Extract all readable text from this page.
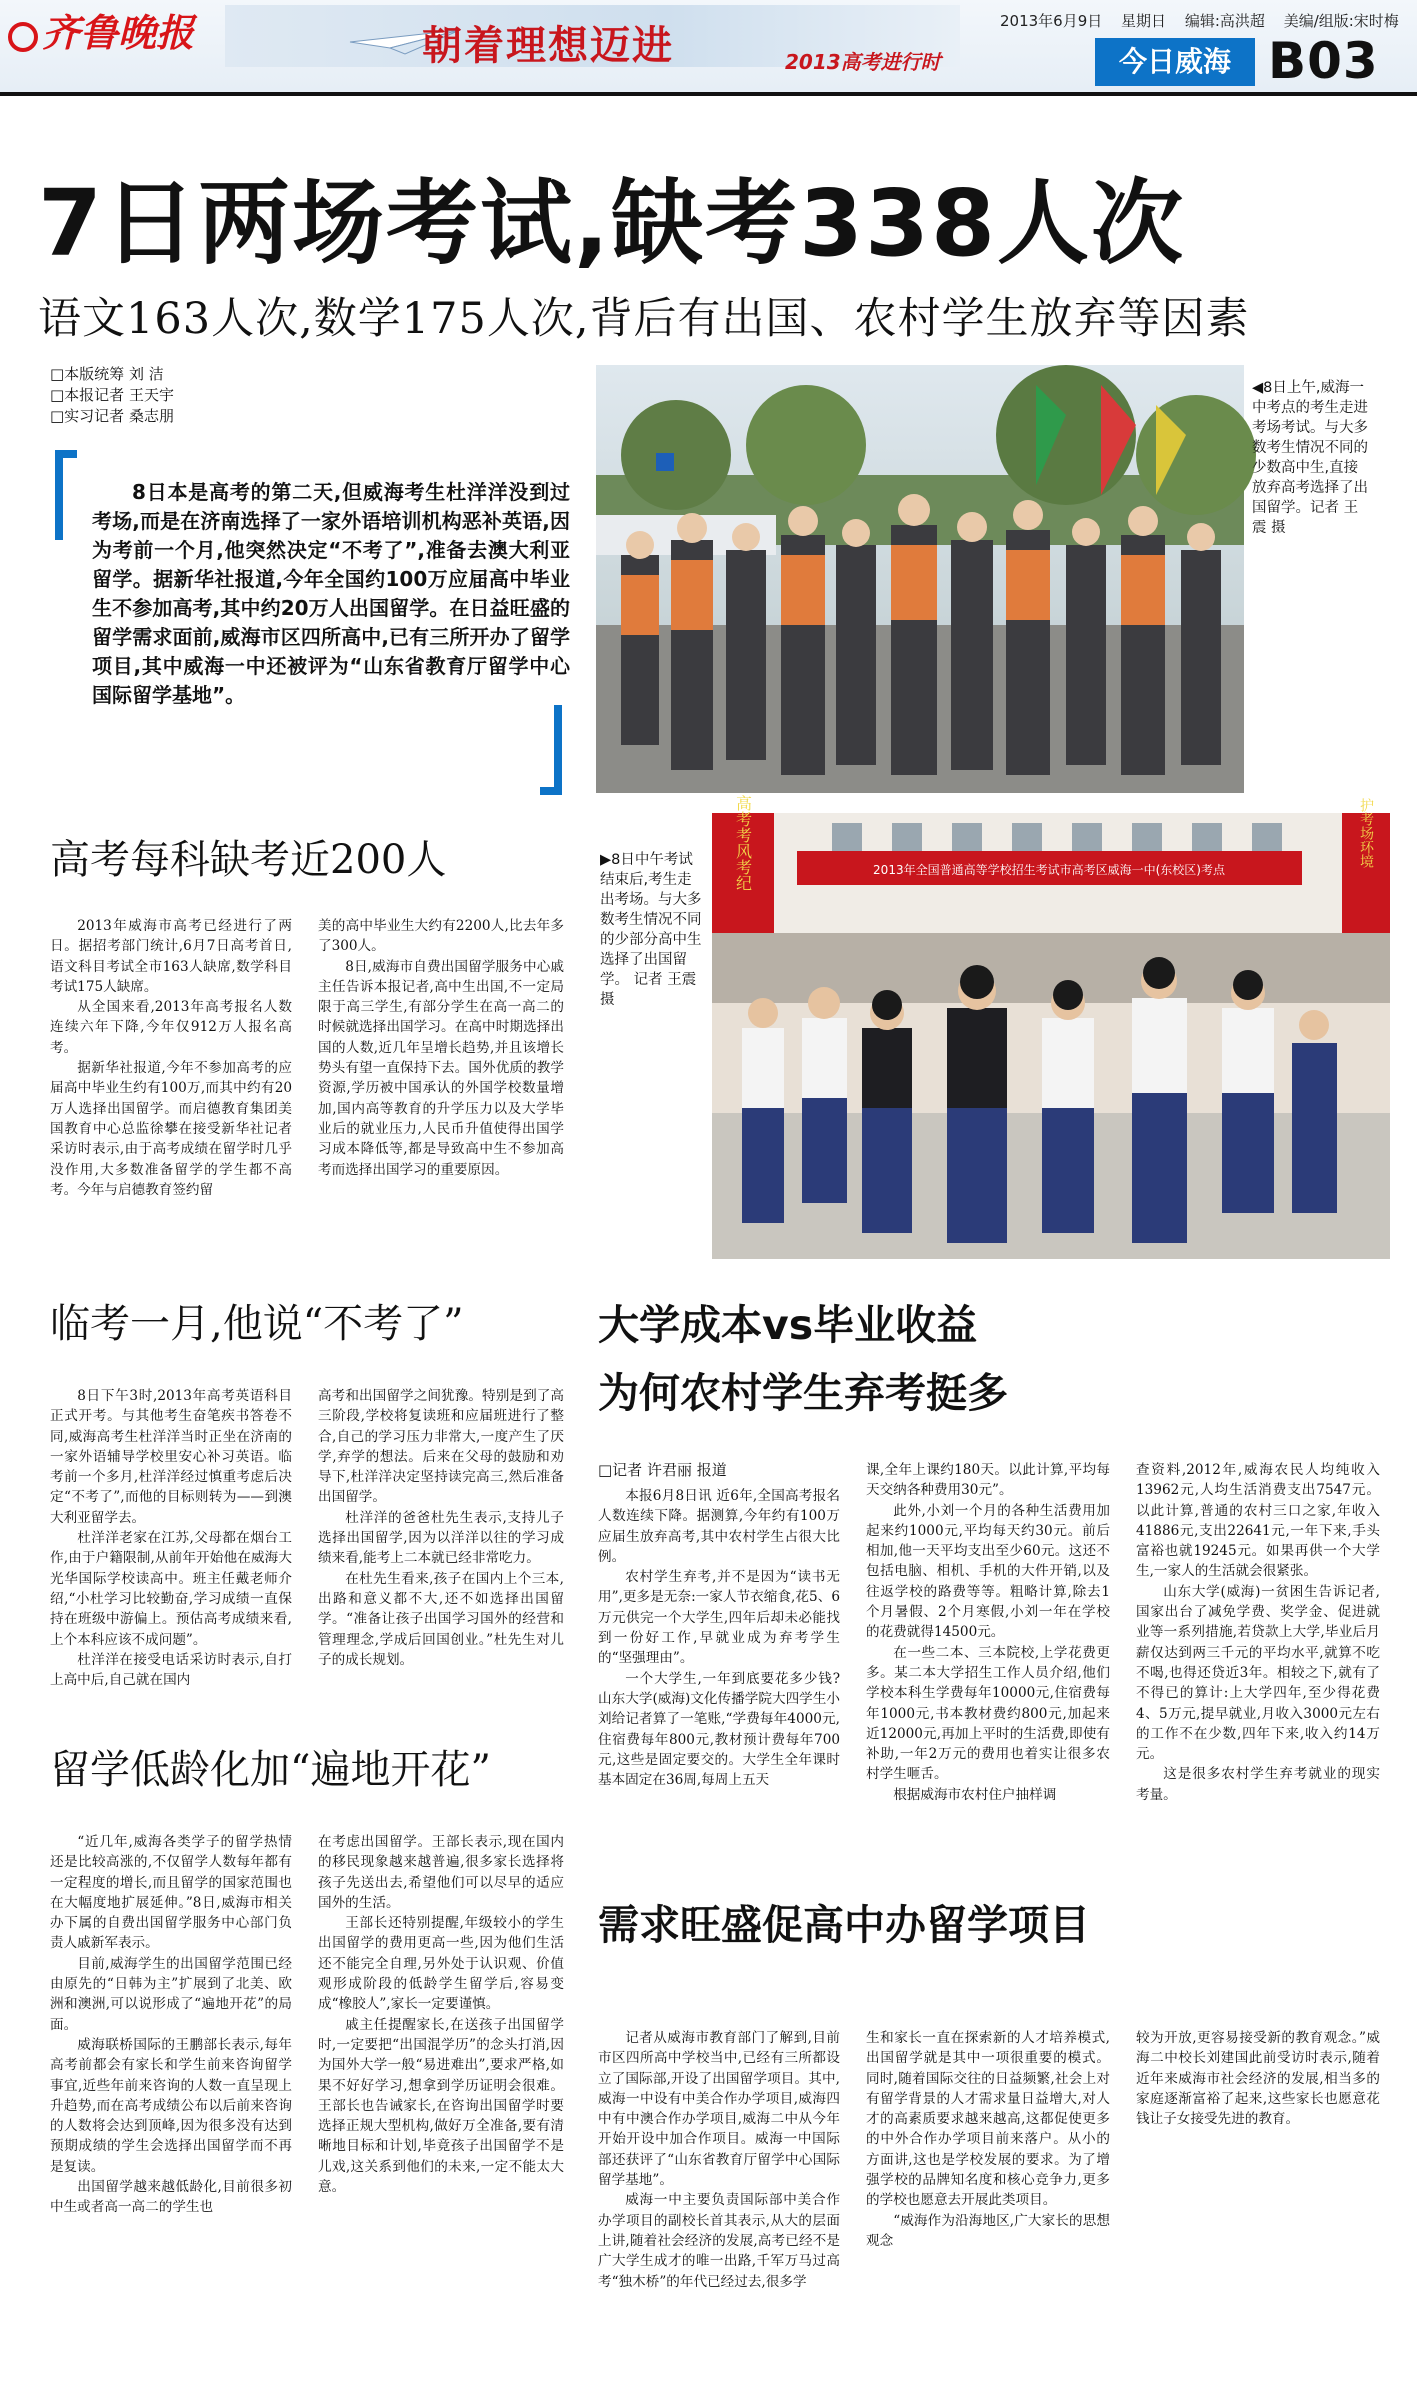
齐鲁晚报	朝着理想迈进	2013高考进行时
2013年6月9日 星期日 编辑:高洪超 美编/组版:宋时梅
今日威海 B03
7日两场考试,缺考338人次
语文163人次,数学175人次,背后有出国、农村学生放弃等因素
□本版统筹 刘 洁
□本报记者 王天宇
□实习记者 桑志朋
8日本是高考的第二天,但威海考生杜洋洋没到过考场,而是在济南选择了一家外语培训机构恶补英语,因为考前一个月,他突然决定“不考了”,准备去澳大利亚留学。据新华社报道,今年全国约100万应届高中毕业生不参加高考,其中约20万人出国留学。在日益旺盛的留学需求面前,威海市区四所高中,已有三所开办了留学项目,其中威海一中还被评为“山东省教育厅留学中心国际留学基地”。
◀8日上午,威海一中考点的考生走进考场考试。与大多数考生情况不同的少数高中生,直接放弃高考选择了出国留学。记者 王震 摄
高考每科缺考近200人

2013年威海市高考已经进行了两日。据招考部门统计,6月7日高考首日,语文科目考试全市163人缺席,数学科目考试175人缺席。

从全国来看,2013年高考报名人数连续六年下降,今年仅912万人报名高考。

据新华社报道,今年不参加高考的应届高中毕业生约有100万,而其中约有20万人选择出国留学。而启德教育集团美国教育中心总监徐攀在接受新华社记者采访时表示,由于高考成绩在留学时几乎没作用,大多数准备留学的学生都不高考。今年与启德教育签约留

美的高中毕业生大约有2200人,比去年多了300人。

8日,威海市自费出国留学服务中心戚主任告诉本报记者,高中生出国,不一定局限于高三学生,有部分学生在高一高二的时候就选择出国学习。在高中时期选择出国的人数,近几年呈增长趋势,并且该增长势头有望一直保持下去。国外优质的教学资源,学历被中国承认的外国学校数量增加,国内高等教育的升学压力以及大学毕业后的就业压力,人民币升值使得出国学习成本降低等,都是导致高中生不参加高考而选择出国学习的重要原因。

▶8日中午考试结束后,考生走出考场。与大多数考生情况不同的少部分高中生选择了出国留学。 记者 王震 摄
2013年全国普通高等学校招生考试市高考区威海一中(东校区)考点
高考考风考纪	护考场环境
临考一月,他说“不考了”

8日下午3时,2013年高考英语科目正式开考。与其他考生奋笔疾书答卷不同,威海高考生杜洋洋当时正坐在济南的一家外语辅导学校里安心补习英语。临考前一个多月,杜洋洋经过慎重考虑后决定“不考了”,而他的目标则转为——到澳大利亚留学去。

杜洋洋老家在江苏,父母都在烟台工作,由于户籍限制,从前年开始他在威海大光华国际学校读高中。班主任戴老师介绍,“小杜学习比较勤奋,学习成绩一直保持在班级中游偏上。预估高考成绩来看,上个本科应该不成问题”。

杜洋洋在接受电话采访时表示,自打上高中后,自己就在国内

高考和出国留学之间犹豫。特别是到了高三阶段,学校将复读班和应届班进行了整合,自己的学习压力非常大,一度产生了厌学,弃学的想法。后来在父母的鼓励和劝导下,杜洋洋决定坚持读完高三,然后准备出国留学。

杜洋洋的爸爸杜先生表示,支持儿子选择出国留学,因为以洋洋以往的学习成绩来看,能考上二本就已经非常吃力。

在杜先生看来,孩子在国内上个三本,出路和意义都不大,还不如选择出国留学。“准备让孩子出国学习国外的经营和管理理念,学成后回国创业。”杜先生对儿子的成长规划。

大学成本vs毕业收益
为何农村学生弃考挺多
□记者 许君丽 报道

本报6月8日讯 近6年,全国高考报名人数连续下降。据测算,今年约有100万应届生放弃高考,其中农村学生占很大比例。

农村学生弃考,并不是因为“读书无用”,更多是无奈:一家人节衣缩食,花5、6万元供完一个大学生,四年后却未必能找到一份好工作,早就业成为弃考学生的“坚强理由”。

一个大学生,一年到底要花多少钱?山东大学(威海)文化传播学院大四学生小刘给记者算了一笔账,“学费每年4000元,住宿费每年800元,教材预计费每年700元,这些是固定要交的。大学生全年课时基本固定在36周,每周上五天

课,全年上课约180天。以此计算,平均每天交纳各种费用30元”。

此外,小刘一个月的各种生活费用加起来约1000元,平均每天约30元。前后相加,他一天平均支出至少60元。这还不包括电脑、相机、手机的大件开销,以及往返学校的路费等等。粗略计算,除去1个月暑假、2个月寒假,小刘一年在学校的花费就得14500元。

在一些二本、三本院校,上学花费更多。某二本大学招生工作人员介绍,他们学校本科生学费每年10000元,住宿费每年1000元,书本教材费约800元,加起来近12000元,再加上平时的生活费,即使有补助,一年2万元的费用也着实让很多农村学生咂舌。

根据威海市农村住户抽样调

查资料,2012年,威海农民人均纯收入13962元,人均生活消费支出7547元。以此计算,普通的农村三口之家,年收入41886元,支出22641元,一年下来,手头富裕也就19245元。如果再供一个大学生,一家人的生活就会很紧张。

山东大学(威海)一贫困生告诉记者,国家出台了减免学费、奖学金、促进就业等一系列措施,若贷款上大学,毕业后月薪仅达到两三千元的平均水平,就算不吃不喝,也得还贷近3年。相较之下,就有了不得已的算计:上大学四年,至少得花费4、5万元,提早就业,月收入3000元左右的工作不在少数,四年下来,收入约14万元。

这是很多农村学生弃考就业的现实考量。

留学低龄化加“遍地开花”

“近几年,威海各类学子的留学热情还是比较高涨的,不仅留学人数每年都有一定程度的增长,而且留学的国家范围也在大幅度地扩展延伸。”8日,威海市相关办下属的自费出国留学服务中心部门负责人戚新军表示。

目前,威海学生的出国留学范围已经由原先的“日韩为主”扩展到了北美、欧洲和澳洲,可以说形成了“遍地开花”的局面。

威海联桥国际的王鹏部长表示,每年高考前都会有家长和学生前来咨询留学事宜,近些年前来咨询的人数一直呈现上升趋势,而在高考成绩公布以后前来咨询的人数将会达到顶峰,因为很多没有达到预期成绩的学生会选择出国留学而不再是复读。

出国留学越来越低龄化,目前很多初中生或者高一高二的学生也

在考虑出国留学。王部长表示,现在国内的移民现象越来越普遍,很多家长选择将孩子先送出去,希望他们可以尽早的适应国外的生活。

王部长还特别提醒,年级较小的学生出国留学的费用更高一些,因为他们生活还不能完全自理,另外处于认识观、价值观形成阶段的低龄学生留学后,容易变成“橡胶人”,家长一定要谨慎。

戚主任提醒家长,在送孩子出国留学时,一定要把“出国混学历”的念头打消,因为国外大学一般“易进难出”,要求严格,如果不好好学习,想拿到学历证明会很难。王部长也告诫家长,在咨询出国留学时要选择正规大型机构,做好万全准备,要有清晰地目标和计划,毕竟孩子出国留学不是儿戏,这关系到他们的未来,一定不能太大意。

需求旺盛促高中办留学项目

记者从威海市教育部门了解到,目前市区四所高中学校当中,已经有三所都设立了国际部,开设了出国留学项目。其中,威海一中设有中美合作办学项目,威海四中有中澳合作办学项目,威海二中从今年开始开设中加合作项目。威海一中国际部还获评了“山东省教育厅留学中心国际留学基地”。

威海一中主要负责国际部中美合作办学项目的副校长首其表示,从大的层面上讲,随着社会经济的发展,高考已经不是广大学生成才的唯一出路,千军万马过高考“独木桥”的年代已经过去,很多学

生和家长一直在探索新的人才培养模式,出国留学就是其中一项很重要的模式。同时,随着国际交往的日益频繁,社会上对有留学背景的人才需求量日益增大,对人才的高素质要求越来越高,这都促使更多的中外合作办学项目前来落户。从小的方面讲,这也是学校发展的要求。为了增强学校的品牌知名度和核心竞争力,更多的学校也愿意去开展此类项目。

“威海作为沿海地区,广大家长的思想观念

较为开放,更容易接受新的教育观念。”威海二中校长刘建国此前受访时表示,随着近年来威海市社会经济的发展,相当多的家庭逐渐富裕了起来,这些家长也愿意花钱让子女接受先进的教育。
